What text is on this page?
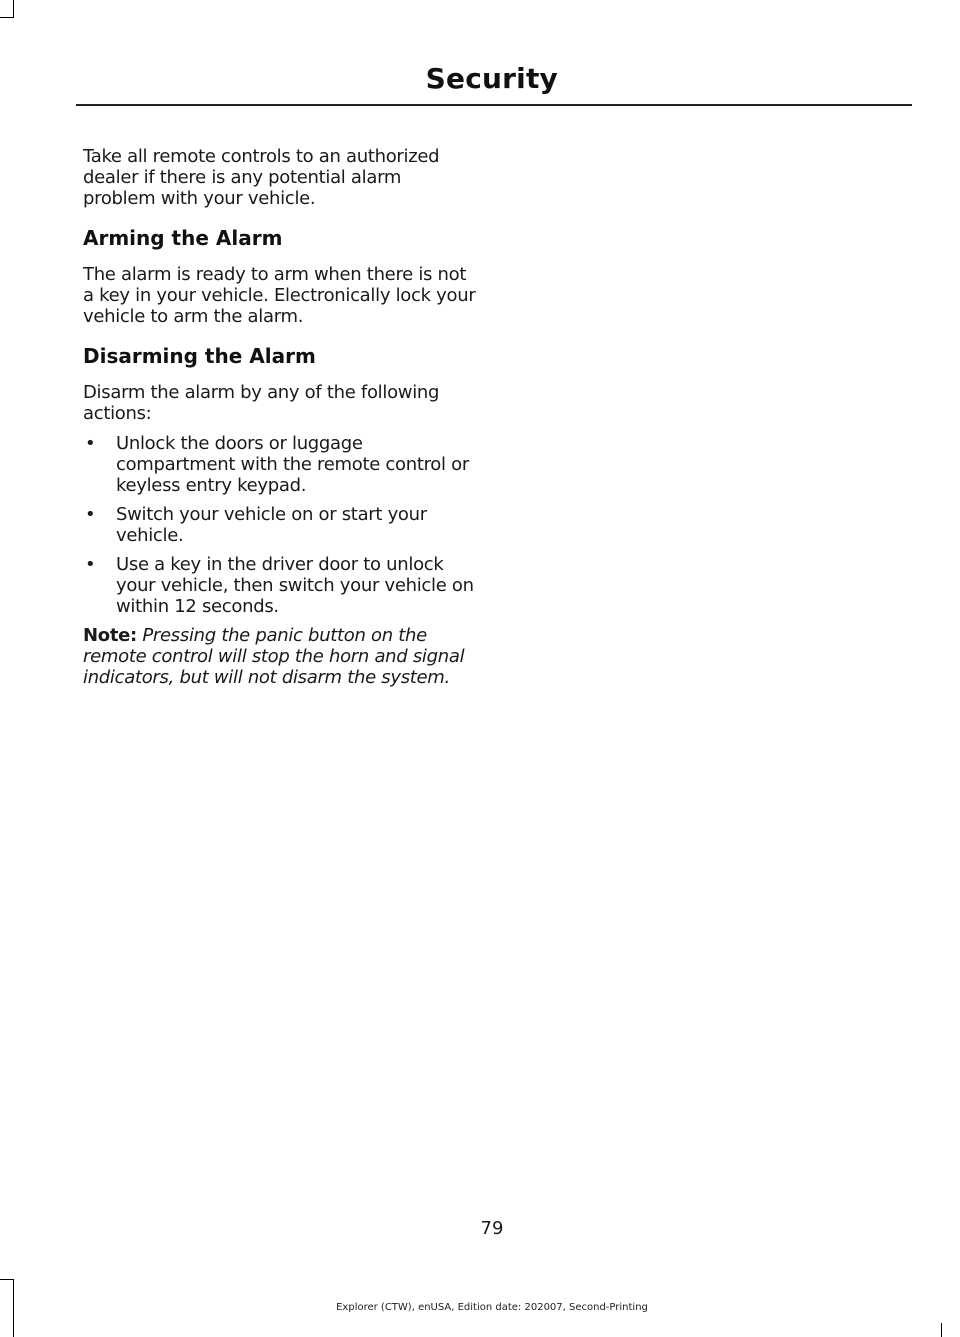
Security

Take all remote controls to an authorized dealer if there is any potential alarm problem with your vehicle.

Arming the Alarm

The alarm is ready to arm when there is not a key in your vehicle. Electronically lock your vehicle to arm the alarm.

Disarming the Alarm

Disarm the alarm by any of the following actions:

• Unlock the doors or luggage compartment with the remote control or keyless entry keypad.
• Switch your vehicle on or start your vehicle.
• Use a key in the driver door to unlock your vehicle, then switch your vehicle on within 12 seconds.

Note: Pressing the panic button on the remote control will stop the horn and signal indicators, but will not disarm the system.

79

Explorer (CTW), enUSA, Edition date: 202007, Second-Printing
